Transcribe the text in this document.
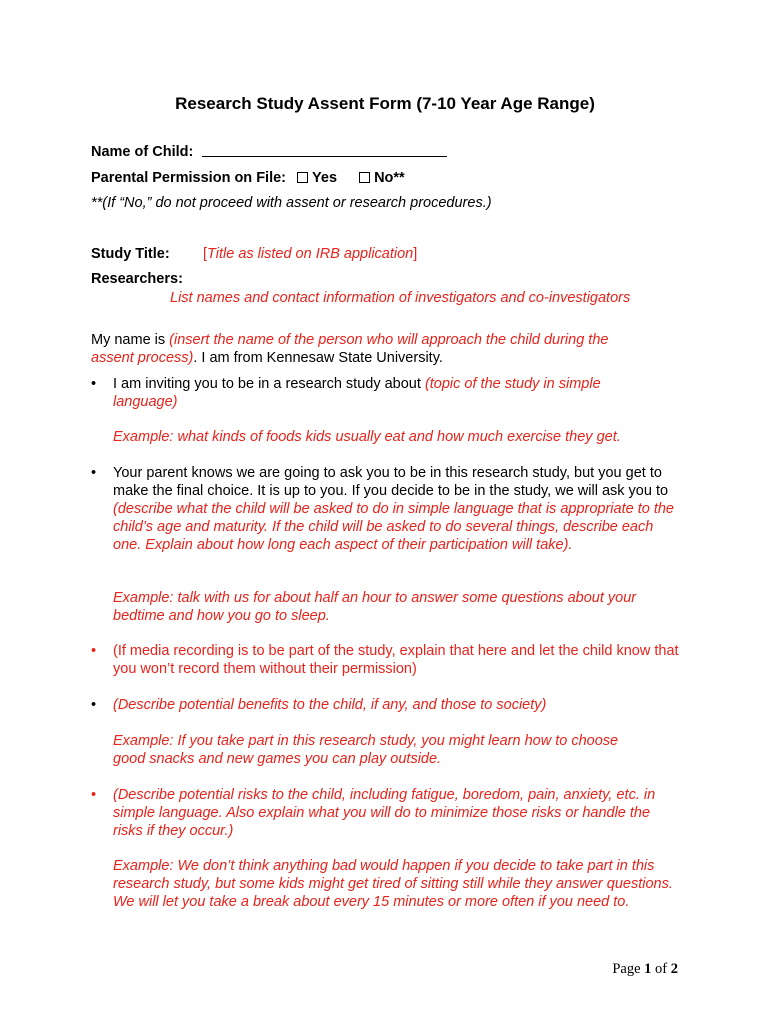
Research Study Assent Form (7-10 Year Age Range)
Name of Child:
Parental Permission on File: Yes	No**
**(If “No,” do not proceed with assent or research procedures.)
Study Title: [Title as listed on IRB application]
Researchers:
List names and contact information of investigators and co-investigators
My name is (insert the name of the person who will approach the child during the assent process). I am from Kennesaw State University.
•	I am inviting you to be in a research study about (topic of the study in simple language)
Example: what kinds of foods kids usually eat and how much exercise they get.
•	Your parent knows we are going to ask you to be in this research study, but you get to make the final choice. It is up to you. If you decide to be in the study, we will ask you to (describe what the child will be asked to do in simple language that is appropriate to the child’s age and maturity. If the child will be asked to do several things, describe each one. Explain about how long each aspect of their participation will take).
Example: talk with us for about half an hour to answer some questions about your bedtime and how you go to sleep.
•	(If media recording is to be part of the study, explain that here and let the child know that you won’t record them without their permission)
•	(Describe potential benefits to the child, if any, and those to society)
Example: If you take part in this research study, you might learn how to choose good snacks and new games you can play outside.
•	(Describe potential risks to the child, including fatigue, boredom, pain, anxiety, etc. in simple language. Also explain what you will do to minimize those risks or handle the risks if they occur.)
Example: We don’t think anything bad would happen if you decide to take part in this research study, but some kids might get tired of sitting still while they answer questions. We will let you take a break about every 15 minutes or more often if you need to.
Page 1 of 2
